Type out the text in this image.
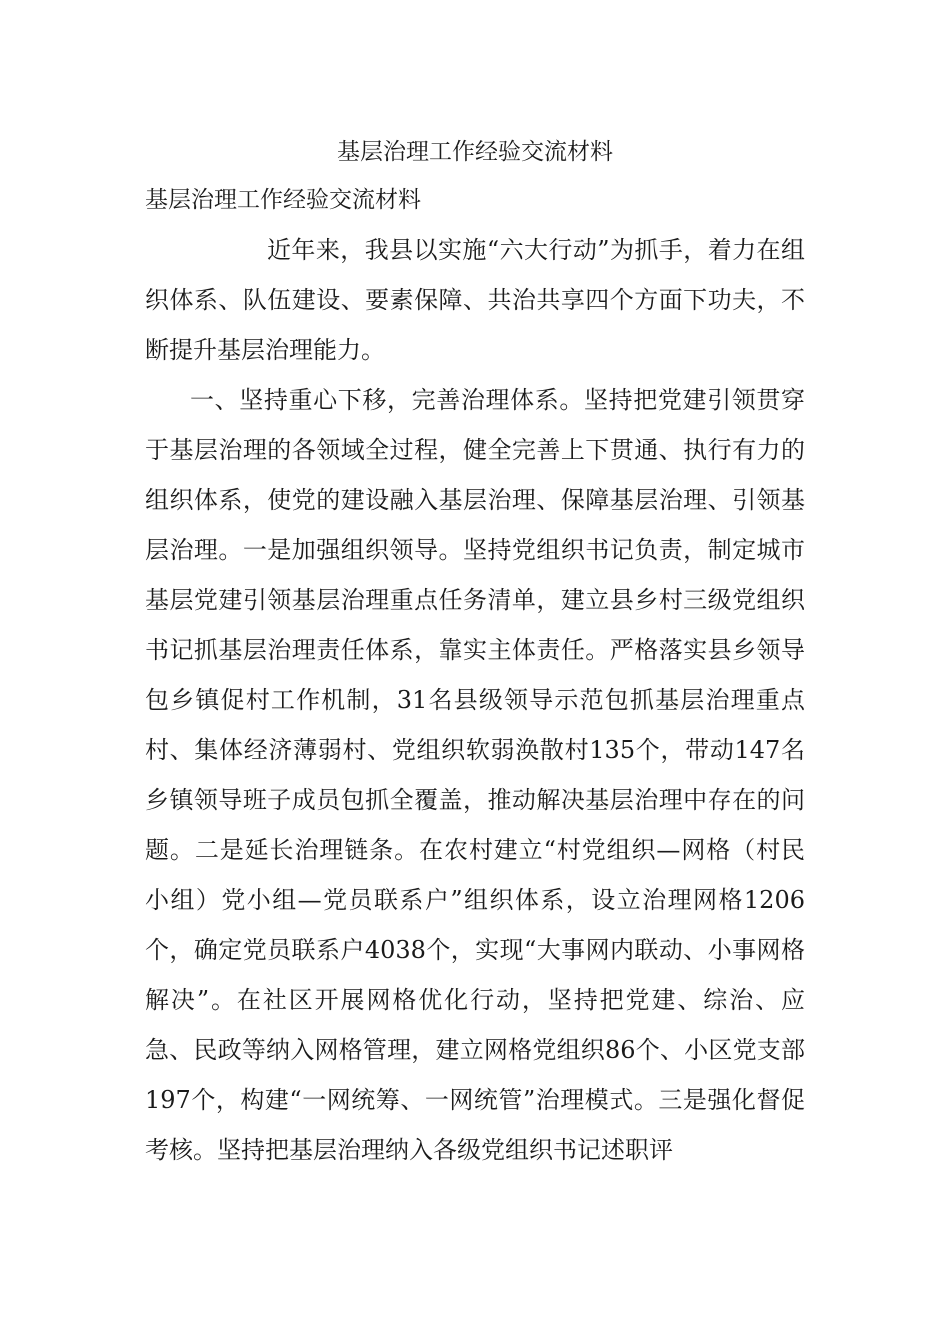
基层治理工作经验交流材料

基层治理工作经验交流材料

近年来，我县以实施“六大行动”为抓手，着力在组织体系、队伍建设、要素保障、共治共享四个方面下功夫，不断提升基层治理能力。

一、坚持重心下移，完善治理体系。坚持把党建引领贯穿于基层治理的各领域全过程，健全完善上下贯通、执行有力的组织体系，使党的建设融入基层治理、保障基层治理、引领基层治理。一是加强组织领导。坚持党组织书记负责，制定城市基层党建引领基层治理重点任务清单，建立县乡村三级党组织书记抓基层治理责任体系，靠实主体责任。严格落实县乡领导包乡镇促村工作机制，31名县级领导示范包抓基层治理重点村、集体经济薄弱村、党组织软弱涣散村135个，带动147名乡镇领导班子成员包抓全覆盖，推动解决基层治理中存在的问题。二是延长治理链条。在农村建立“村党组织—网格（村民小组）党小组—党员联系户”组织体系，设立治理网格1206个，确定党员联系户4038个，实现“大事网内联动、小事网格解决”。在社区开展网格优化行动，坚持把党建、综治、应急、民政等纳入网格管理，建立网格党组织86个、小区党支部197个，构建“一网统筹、一网统管”治理模式。三是强化督促考核。坚持把基层治理纳入各级党组织书记述职评
